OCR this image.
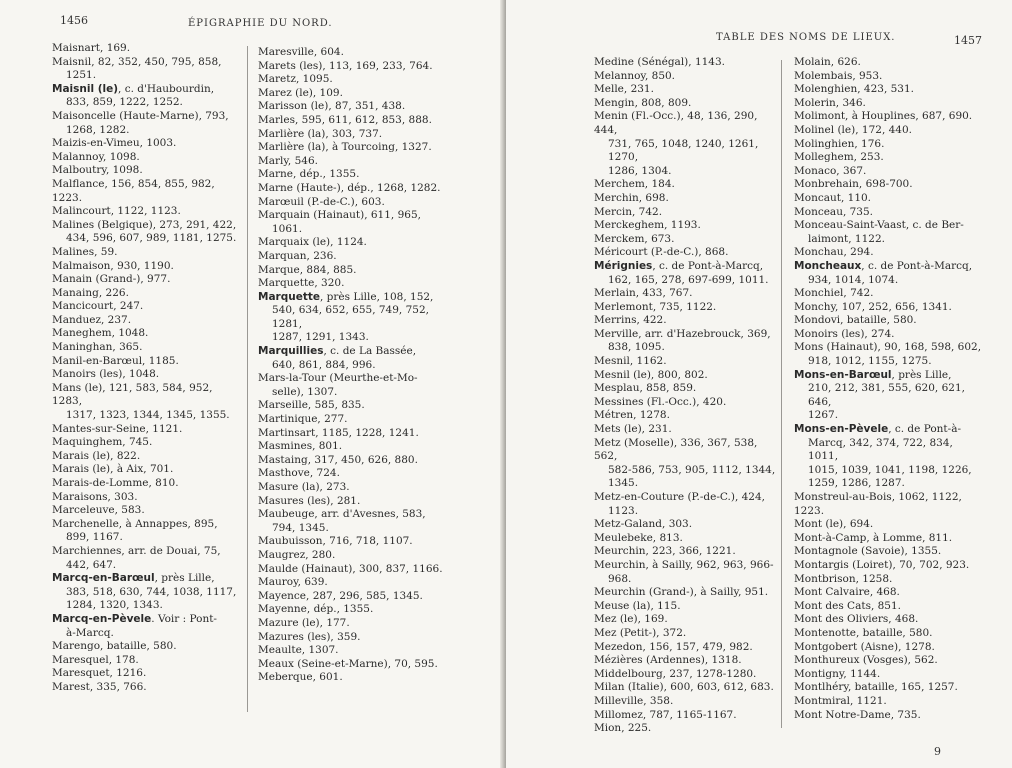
1456	ÉPIGRAPHIE DU NORD.
Maisnart, 169.
Maisnil, 82, 352, 450, 795, 858,
1251.
Maisnil (le), c. d'Haubourdin,
833, 859, 1222, 1252.
Maisoncelle (Haute-Marne), 793,
1268, 1282.
Maizis-en-Vimeu, 1003.
Malannoy, 1098.
Malboutry, 1098.
Malflance, 156, 854, 855, 982, 1223.
Malincourt, 1122, 1123.
Malines (Belgique), 273, 291, 422,
434, 596, 607, 989, 1181, 1275.
Malines, 59.
Malmaison, 930, 1190.
Manain (Grand-), 977.
Manaing, 226.
Mancicourt, 247.
Manduez, 237.
Maneghem, 1048.
Maninghan, 365.
Manil-en-Barœul, 1185.
Manoirs (les), 1048.
Mans (le), 121, 583, 584, 952, 1283,
1317, 1323, 1344, 1345, 1355.
Mantes-sur-Seine, 1121.
Maquinghem, 745.
Marais (le), 822.
Marais (le), à Aix, 701.
Marais-de-Lomme, 810.
Maraisons, 303.
Marceleuve, 583.
Marchenelle, à Annappes, 895,
899, 1167.
Marchiennes, arr. de Douai, 75,
442, 647.
Marcq-en-Barœul, près Lille,
383, 518, 630, 744, 1038, 1117,
1284, 1320, 1343.
Marcq-en-Pèvele. Voir : Pont-
à-Marcq.
Marengo, bataille, 580.
Maresquel, 178.
Maresquet, 1216.
Marest, 335, 766.
Maresville, 604.
Marets (les), 113, 169, 233, 764.
Maretz, 1095.
Marez (le), 109.
Marisson (le), 87, 351, 438.
Marles, 595, 611, 612, 853, 888.
Marlière (la), 303, 737.
Marlière (la), à Tourcoing, 1327.
Marly, 546.
Marne, dép., 1355.
Marne (Haute-), dép., 1268, 1282.
Marœuil (P.-de-C.), 603.
Marquain (Hainaut), 611, 965,
1061.
Marquaix (le), 1124.
Marquan, 236.
Marque, 884, 885.
Marquette, 320.
Marquette, près Lille, 108, 152,
540, 634, 652, 655, 749, 752, 1281,
1287, 1291, 1343.
Marquillies, c. de La Bassée,
640, 861, 884, 996.
Mars-la-Tour (Meurthe-et-Mo-
selle), 1307.
Marseille, 585, 835.
Martinique, 277.
Martinsart, 1185, 1228, 1241.
Masmines, 801.
Mastaing, 317, 450, 626, 880.
Masthove, 724.
Masure (la), 273.
Masures (les), 281.
Maubeuge, arr. d'Avesnes, 583,
794, 1345.
Maubuisson, 716, 718, 1107.
Maugrez, 280.
Maulde (Hainaut), 300, 837, 1166.
Mauroy, 639.
Mayence, 287, 296, 585, 1345.
Mayenne, dép., 1355.
Mazure (le), 177.
Mazures (les), 359.
Meaulte, 1307.
Meaux (Seine-et-Marne), 70, 595.
Meberque, 601.
TABLE DES NOMS DE LIEUX.	1457
Medine (Sénégal), 1143.
Melannoy, 850.
Melle, 231.
Mengin, 808, 809.
Menin (Fl.-Occ.), 48, 136, 290, 444,
731, 765, 1048, 1240, 1261, 1270,
1286, 1304.
Merchem, 184.
Merchin, 698.
Mercin, 742.
Merckeghem, 1193.
Merckem, 673.
Méricourt (P.-de-C.), 868.
Mérignies, c. de Pont-à-Marcq,
162, 165, 278, 697-699, 1011.
Merlain, 433, 767.
Merlemont, 735, 1122.
Merrins, 422.
Merville, arr. d'Hazebrouck, 369,
838, 1095.
Mesnil, 1162.
Mesnil (le), 800, 802.
Mesplau, 858, 859.
Messines (Fl.-Occ.), 420.
Métren, 1278.
Mets (le), 231.
Metz (Moselle), 336, 367, 538, 562,
582-586, 753, 905, 1112, 1344, 1345.
Metz-en-Couture (P.-de-C.), 424,
1123.
Metz-Galand, 303.
Meulebeke, 813.
Meurchin, 223, 366, 1221.
Meurchin, à Sailly, 962, 963, 966-
968.
Meurchin (Grand-), à Sailly, 951.
Meuse (la), 115.
Mez (le), 169.
Mez (Petit-), 372.
Mezedon, 156, 157, 479, 982.
Mézières (Ardennes), 1318.
Middelbourg, 237, 1278-1280.
Milan (Italie), 600, 603, 612, 683.
Milleville, 358.
Millomez, 787, 1165-1167.
Mion, 225.
Molain, 626.
Molembais, 953.
Molenghien, 423, 531.
Molerin, 346.
Molimont, à Houplines, 687, 690.
Molinel (le), 172, 440.
Molinghien, 176.
Molleghem, 253.
Monaco, 367.
Monbrehain, 698-700.
Moncaut, 110.
Monceau, 735.
Monceau-Saint-Vaast, c. de Ber-
laimont, 1122.
Monchau, 294.
Moncheaux, c. de Pont-à-Marcq,
934, 1014, 1074.
Monchiel, 742.
Monchy, 107, 252, 656, 1341.
Mondovi, bataille, 580.
Monoirs (les), 274.
Mons (Hainaut), 90, 168, 598, 602,
918, 1012, 1155, 1275.
Mons-en-Barœul, près Lille,
210, 212, 381, 555, 620, 621, 646,
1267.
Mons-en-Pèvele, c. de Pont-à-
Marcq, 342, 374, 722, 834, 1011,
1015, 1039, 1041, 1198, 1226,
1259, 1286, 1287.
Monstreul-au-Bois, 1062, 1122, 1223.
Mont (le), 694.
Mont-à-Camp, à Lomme, 811.
Montagnole (Savoie), 1355.
Montargis (Loiret), 70, 702, 923.
Montbrison, 1258.
Mont Calvaire, 468.
Mont des Cats, 851.
Mont des Oliviers, 468.
Montenotte, bataille, 580.
Montgobert (Aisne), 1278.
Monthureux (Vosges), 562.
Montigny, 1144.
Montlhéry, bataille, 165, 1257.
Montmiral, 1121.
Mont Notre-Dame, 735.
9
